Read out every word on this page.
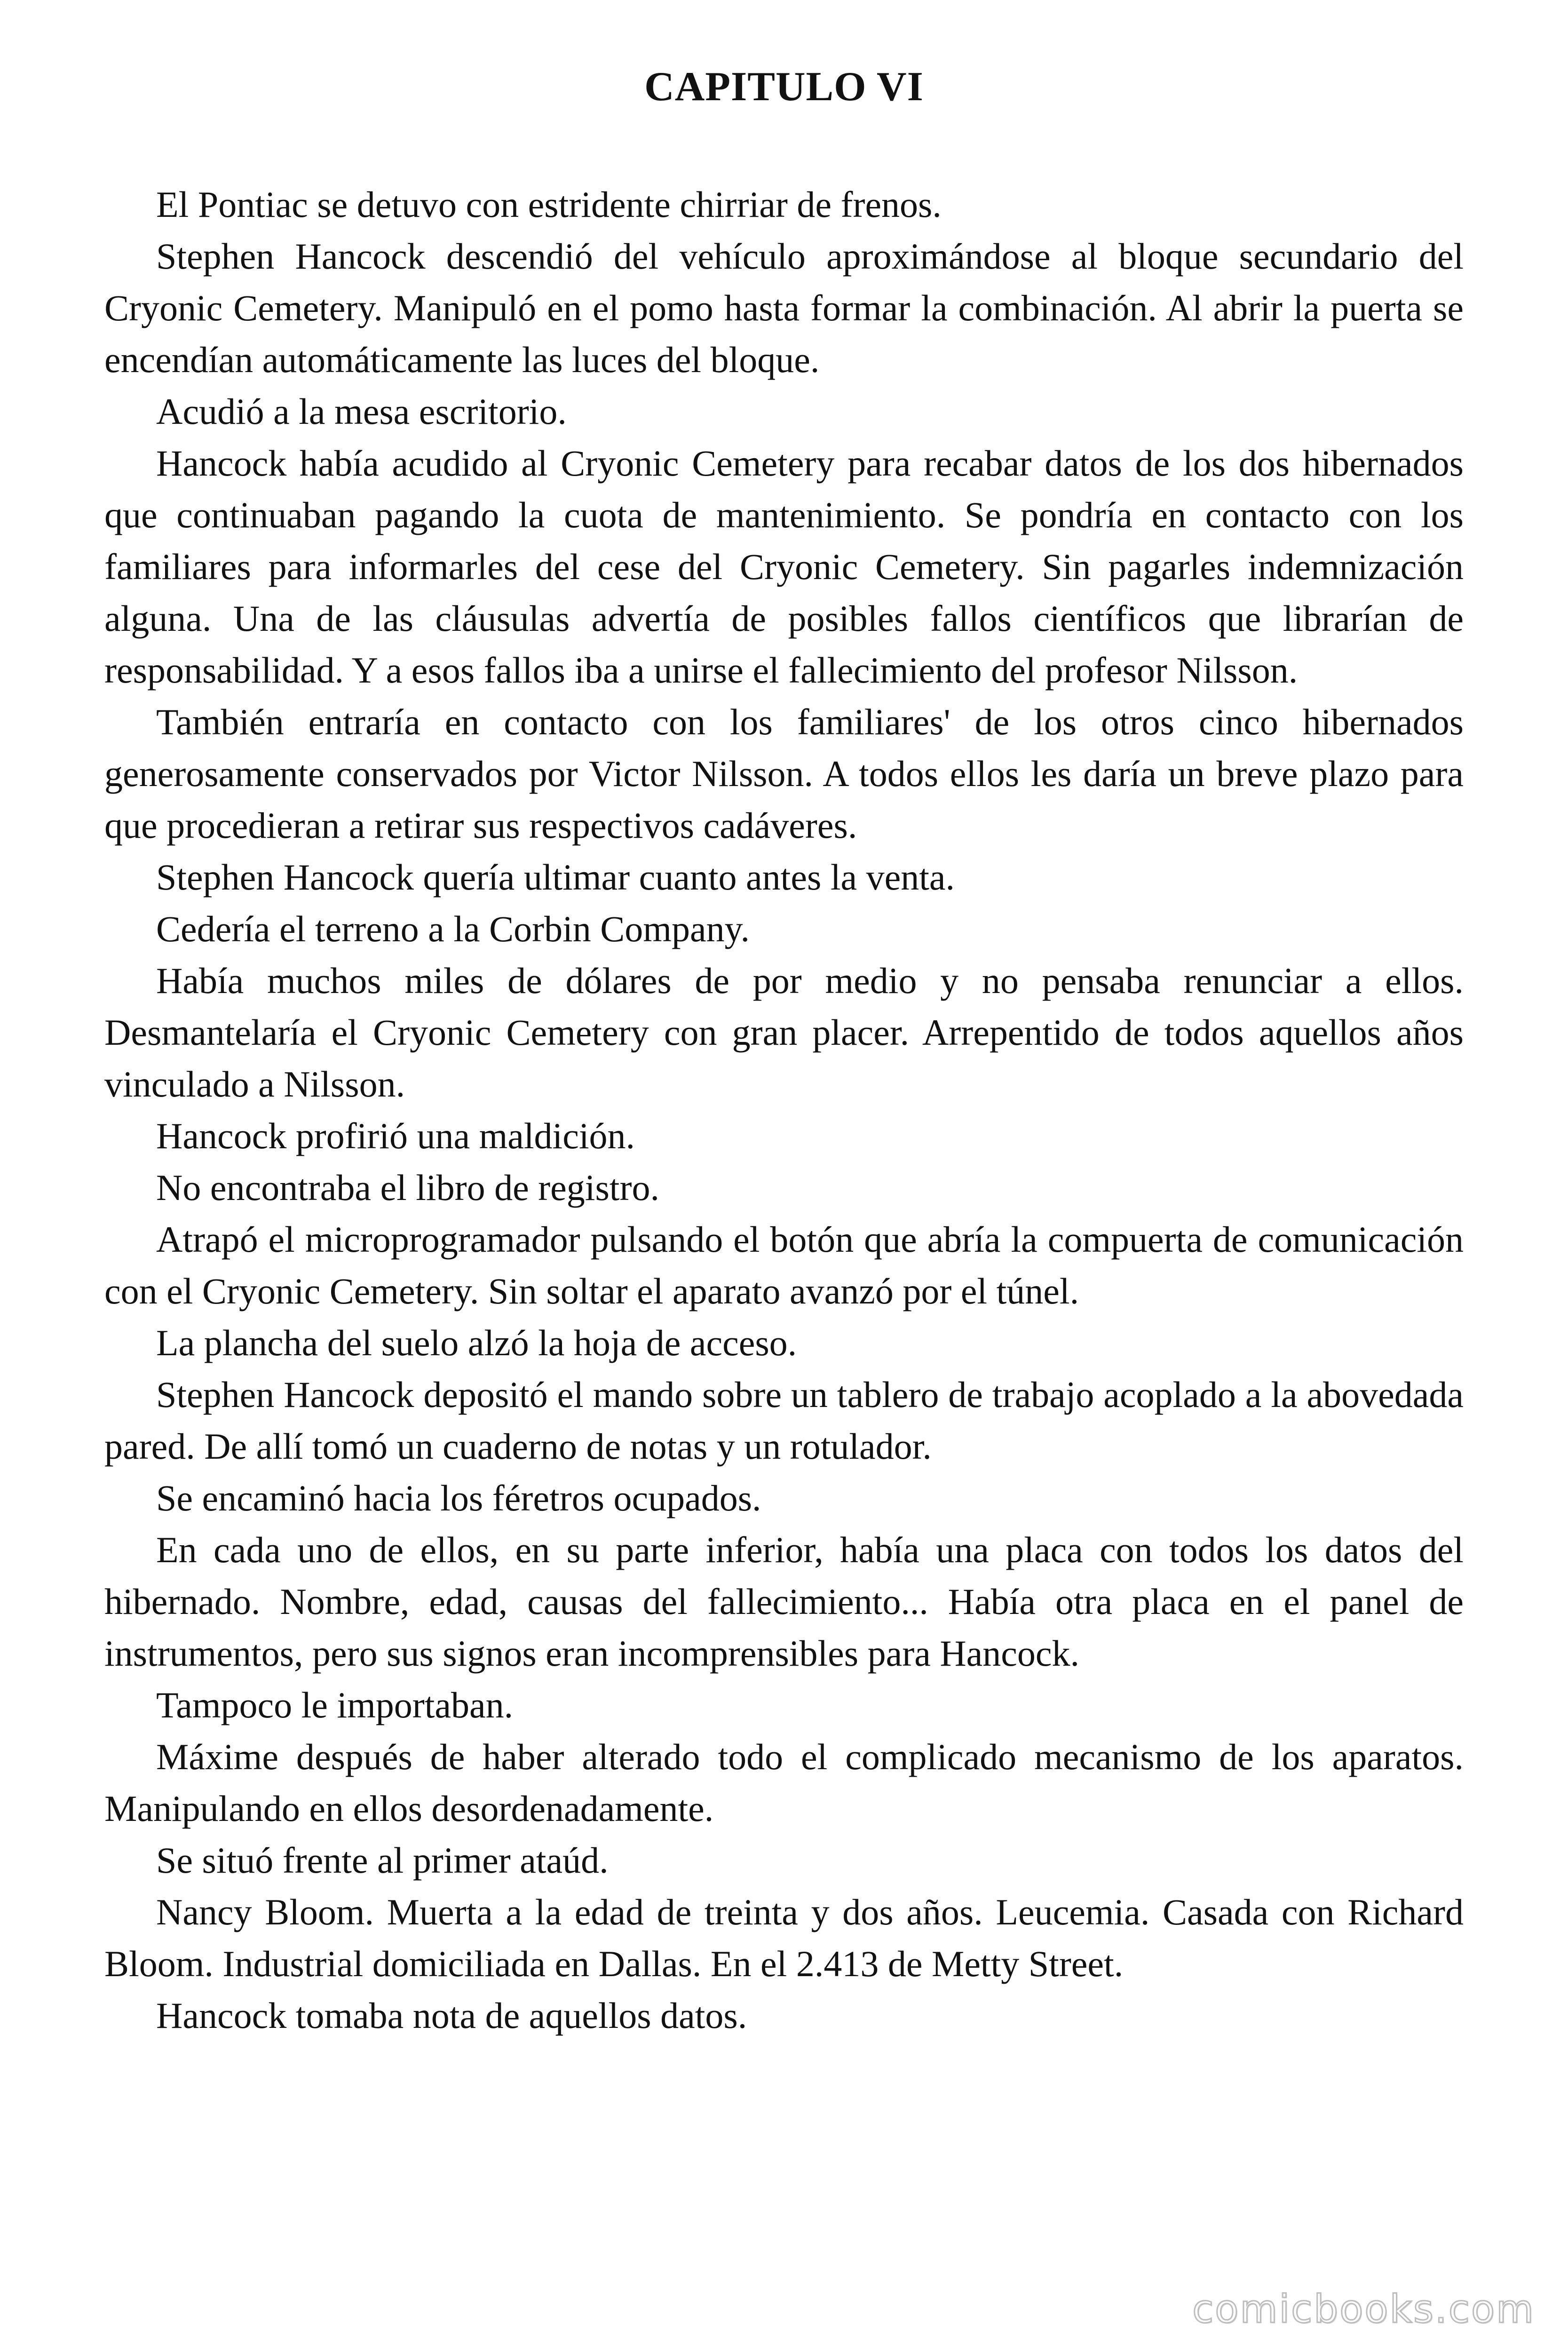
CAPITULO VI

El Pontiac se detuvo con estridente chirriar de frenos.

Stephen Hancock descendió del vehículo aproximándose al bloque secundario del Cryonic Cemetery. Manipuló en el pomo hasta formar la combinación. Al abrir la puerta se encendían automáticamente las luces del bloque.

Acudió a la mesa escritorio.

Hancock había acudido al Cryonic Cemetery para recabar datos de los dos hibernados que continuaban pagando la cuota de mantenimiento. Se pondría en contacto con los familiares para informarles del cese del Cryonic Cemetery. Sin pagarles indemnización alguna. Una de las cláusulas advertía de posibles fallos científicos que librarían de responsabilidad. Y a esos fallos iba a unirse el fallecimiento del profesor Nilsson.

También entraría en contacto con los familiares' de los otros cinco hibernados generosamente conservados por Victor Nilsson. A todos ellos les daría un breve plazo para que procedieran a retirar sus respectivos cadáveres.

Stephen Hancock quería ultimar cuanto antes la venta.

Cedería el terreno a la Corbin Company.

Había muchos miles de dólares de por medio y no pensaba renunciar a ellos. Desmantelaría el Cryonic Cemetery con gran placer. Arrepentido de todos aquellos años vinculado a Nilsson.

Hancock profirió una maldición.

No encontraba el libro de registro.

Atrapó el microprogramador pulsando el botón que abría la compuerta de comunicación con el Cryonic Cemetery. Sin soltar el aparato avanzó por el túnel.

La plancha del suelo alzó la hoja de acceso.

Stephen Hancock depositó el mando sobre un tablero de trabajo acoplado a la abovedada pared. De allí tomó un cuaderno de notas y un rotulador.

Se encaminó hacia los féretros ocupados.

En cada uno de ellos, en su parte inferior, había una placa con todos los datos del hibernado. Nombre, edad, causas del fallecimiento... Había otra placa en el panel de instrumentos, pero sus signos eran incomprensibles para Hancock.

Tampoco le importaban.

Máxime después de haber alterado todo el complicado mecanismo de los aparatos. Manipulando en ellos desordenadamente.

Se situó frente al primer ataúd.

Nancy Bloom. Muerta a la edad de treinta y dos años. Leucemia. Casada con Richard Bloom. Industrial domiciliada en Dallas. En el 2.413 de Metty Street.

Hancock tomaba nota de aquellos datos.

comicbooks.com
